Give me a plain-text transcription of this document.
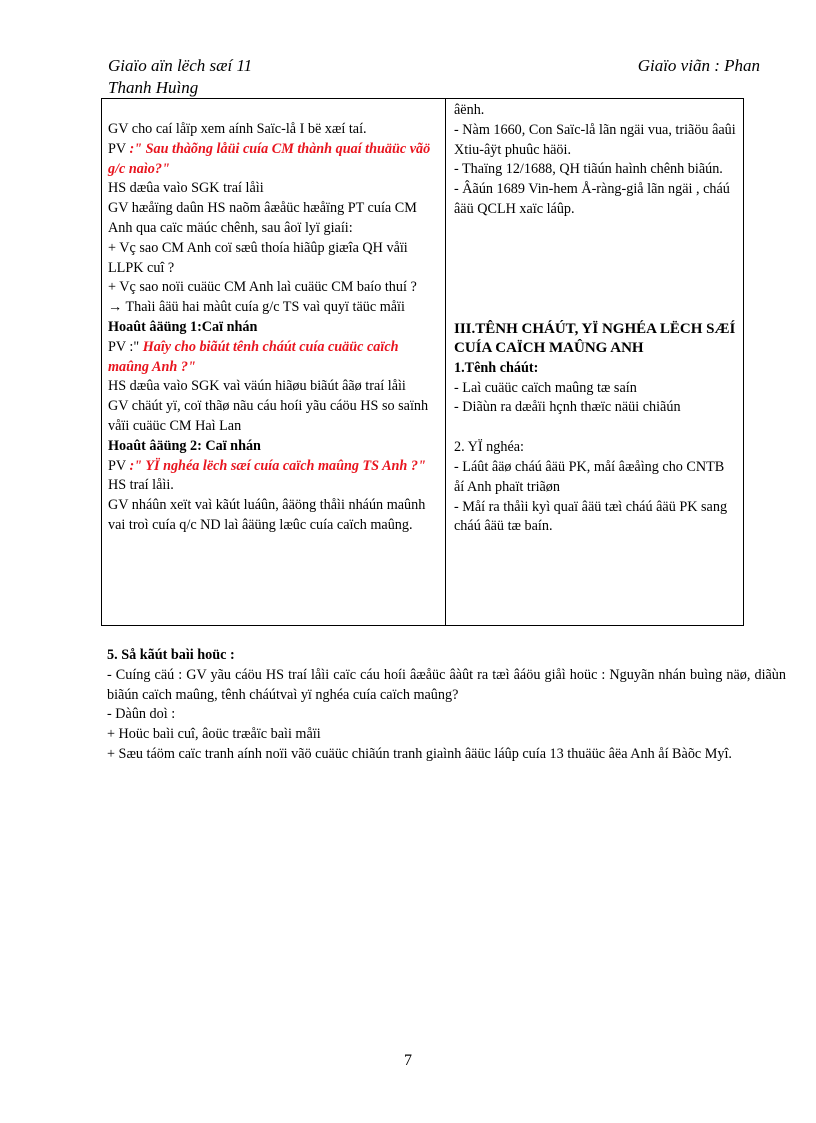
Giaïo aïn lëch sæí 11
Thanh Huìng
Giaïo viãn : Phan

GV cho caí låïp xem aính Saïc-lå I bë xæí taí.

PV :" Sau thàõng låüi cuía CM thành quaí thuäüc vãö g/c naìo?"

HS dæûa vaìo SGK traí låìi

GV hæåïng daûn HS naõm âæåüc hæåïng PT cuía CM Anh qua caïc mäúc chênh, sau âoï lyï giaíi:

+ Vç sao CM Anh coï sæû thoía hiãûp giæîa QH våïi LLPK cuî ?

+ Vç sao noïi cuäüc CM Anh laì cuäüc CM baío thuí ?

→ Thaìi âäü hai màût cuía g/c TS vaì quyï täüc måïi

Hoaût âäüng 1:Caï nhán

PV :" Haîy cho biãút tênh cháút cuía cuäüc caïch maûng Anh ?"

HS dæûa vaìo SGK vaì väún hiãøu biãút âãø traí låìi

GV chäút yï, coï thãø nãu cáu hoíi yãu cáöu HS so saïnh våïi cuäüc CM Haì Lan

Hoaût âäüng 2: Caï nhán

PV :" YÏ nghéa lëch sæí cuía caïch maûng TS Anh ?"

HS traí låìi.

GV nháûn xeït vaì kãút luáûn, âäöng thåìi nháún maûnh vai troì cuía q/c ND laì âäüng læûc cuía caïch maûng.

âënh.

- Nàm 1660, Con Saïc-lå lãn ngäi vua, triãöu âaûi Xtiu-âÿt phuûc häöi.

- Thaïng 12/1688, QH tiãún haình chênh biãún.

- Âãún 1689 Vin-hem Å-ràng-giå lãn ngäi , cháú âäü QCLH xaïc láûp.

III.TÊNH CHÁÚT, YÏ NGHÉA LËCH SÆÍ CUÍA CAÏCH MAÛNG ANH

1.Tênh cháút:

- Laì cuäüc caïch maûng tæ saín

- Diãùn ra dæåïi hçnh thæïc näüi chiãún

2. YÏ nghéa:

- Láût âäø cháú âäü PK, måí âæåìng cho CNTB åí Anh phaït triãøn

- Måí ra thåìi kyì quaï âäü tæì cháú âäü PK sang cháú âäü tæ baín.

5. Så kãút baìi hoüc :

- Cuíng cäú : GV yãu cáöu HS traí låìi caïc cáu hoíi âæåüc âàût ra tæì âáöu giåì hoüc : Nguyãn nhán buìng näø, diãùn biãún caïch maûng, tênh cháútvaì yï nghéa cuía caïch maûng?

- Dàûn doì :

+ Hoüc baìi cuî, âoüc træåïc baìi måïi

+ Sæu táöm caïc tranh aính noïi vãö cuäüc chiãún tranh giaình âäüc láûp cuía 13 thuäüc âëa Anh åí Bàõc Myî.

7
